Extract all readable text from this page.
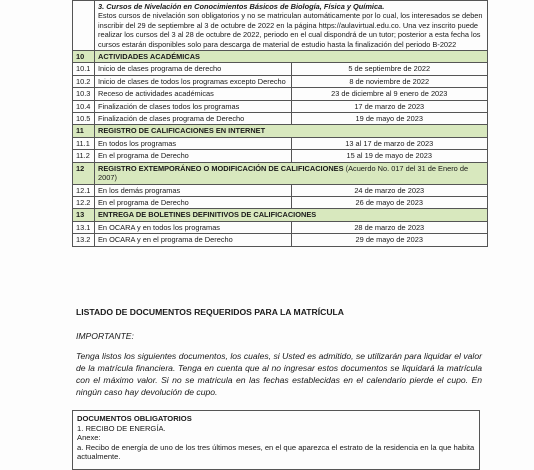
	3. Cursos de Nivelación en Conocimientos Básicos de Biología, Física y Química.
Estos cursos de nivelación son obligatorios y no se matriculan automáticamente por lo cual, los interesados se deben inscribir del 29 de septiembre al 3 de octubre de 2022 en la página https://aulavirtual.edu.co. Una vez inscrito puede realizar los cursos del 3 al 28 de octubre de 2022, periodo en el cual dispondrá de un tutor; posterior a esta fecha los cursos estarán disponibles solo para descarga de material de estudio hasta la finalización del periodo B-2022	

10	ACTIVIDADES ACADÉMICAS	
10.1	Inicio de clases programa de derecho	5 de septiembre de 2022
10.2	Inicio de clases de todos los programas excepto Derecho	8 de noviembre de 2022
10.3	Receso de actividades académicas	23 de diciembre al 9 enero de 2023
10.4	Finalización de clases todos los programas	17 de marzo de 2023
10.5	Finalización de clases programa de Derecho	19 de mayo de 2023
11	REGISTRO DE CALIFICACIONES EN INTERNET	
11.1	En todos los programas	13 al 17 de marzo de 2023
11.2	En el programa de Derecho	15 al 19 de mayo de 2023
12	REGISTRO EXTEMPORÁNEO O MODIFICACIÓN DE CALIFICACIONES (Acuerdo No. 017 del 31 de Enero de 2007)	
12.1	En los demás programas	24 de marzo de 2023
12.2	En el programa de Derecho	26 de mayo de 2023
13	ENTREGA DE BOLETINES DEFINITIVOS DE CALIFICACIONES	
13.1	En OCARA y en todos los programas	28 de marzo de 2023
13.2	En OCARA y en el programa de Derecho	29 de mayo de 2023
LISTADO DE DOCUMENTOS REQUERIDOS PARA LA MATRÍCULA
IMPORTANTE:
Tenga listos los siguientes documentos, los cuales, si Usted es admitido, se utilizarán para liquidar el valor de la matrícula financiera. Tenga en cuenta que al no ingresar estos documentos se liquidará la matrícula con el máximo valor. Si no se matricula en las fechas establecidas en el calendario pierde el cupo. En ningún caso hay devolución de cupo.
DOCUMENTOS OBLIGATORIOS
1. RECIBO DE ENERGÍA.
Anexe:
a. Recibo de energía de uno de los tres últimos meses, en el que aparezca el estrato de la residencia en la que habita actualmente.
